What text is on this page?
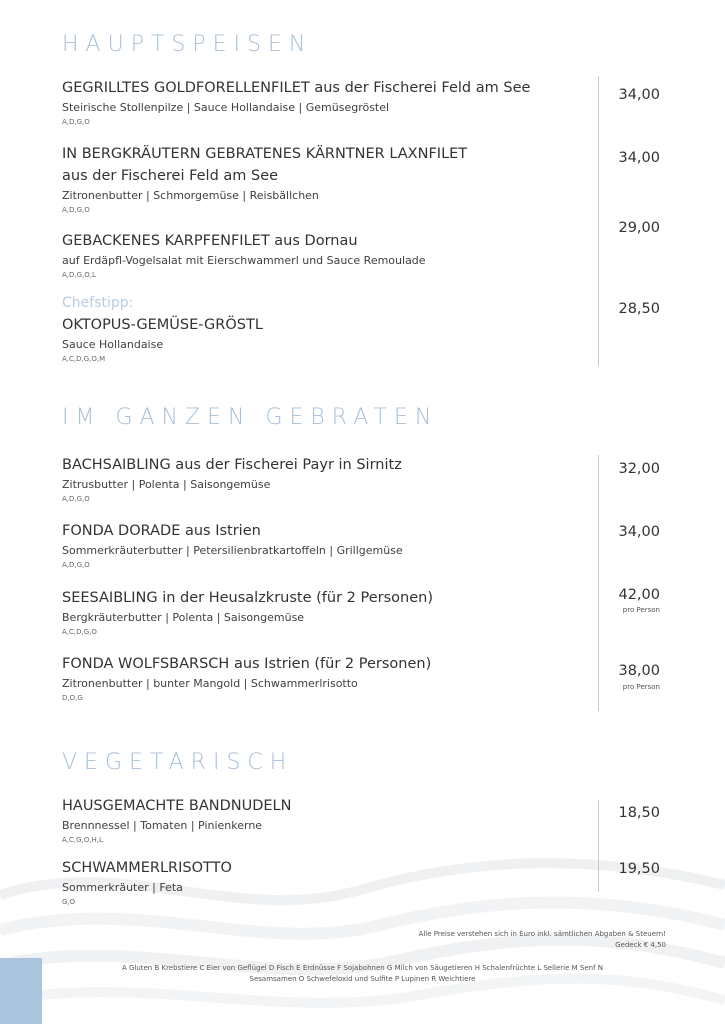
HAUPTSPEISEN
GEGRILLTES GOLDFORELLENFILET aus der Fischerei Feld am See
Steirische Stollenpilze | Sauce Hollandaise | Gemüsegröstel
A,D,G,O
34,00
IN BERGKRÄUTERN GEBRATENES KÄRNTNER LAXNFILET
aus der Fischerei Feld am See
Zitronenbutter | Schmorgemüse | Reisbällchen
A,D,G,O
34,00
GEBACKENES KARPFENFILET aus Dornau
auf Erdäpfl-Vogelsalat mit Eierschwammerl und Sauce Remoulade
A,D,G,O,L
29,00
Chefstipp:
OKTOPUS-GEMÜSE-GRÖSTL
Sauce Hollandaise
A,C,D,G,O,M
28,50
IM GANZEN GEBRATEN
BACHSAIBLING aus der Fischerei Payr in Sirnitz
Zitrusbutter | Polenta | Saisongemüse
A,D,G,O
32,00
FONDA DORADE aus Istrien
Sommerkräuterbutter | Petersilienbratkartoffeln | Grillgemüse
A,D,G,O
34,00
SEESAIBLING in der Heusalzkruste (für 2 Personen)
Bergkräuterbutter | Polenta | Saisongemüse
A,C,D,G,O
42,00
pro Person
FONDA WOLFSBARSCH aus Istrien (für 2 Personen)
Zitronenbutter | bunter Mangold | Schwammerlrisotto
D,O,G
38,00
pro Person
VEGETARISCH
HAUSGEMACHTE BANDNUDELN
Brennnessel | Tomaten | Pinienkerne
A,C,G,O,H,L
18,50
SCHWAMMERLRISOTTO
Sommerkräuter | Feta
G,O
19,50
Alle Preise verstehen sich in Euro inkl. sämtlichen Abgaben & Steuern!
Gedeck € 4,50
A Gluten B Krebstiere C Eier von Geflügel D Fisch E Erdnüsse F Sojabohnen G Milch von Säugetieren H Schalenfrüchte L Sellerie M Senf N
Sesamsamen O Schwefeloxid und Sulfite P Lupinen R Weichtiere
